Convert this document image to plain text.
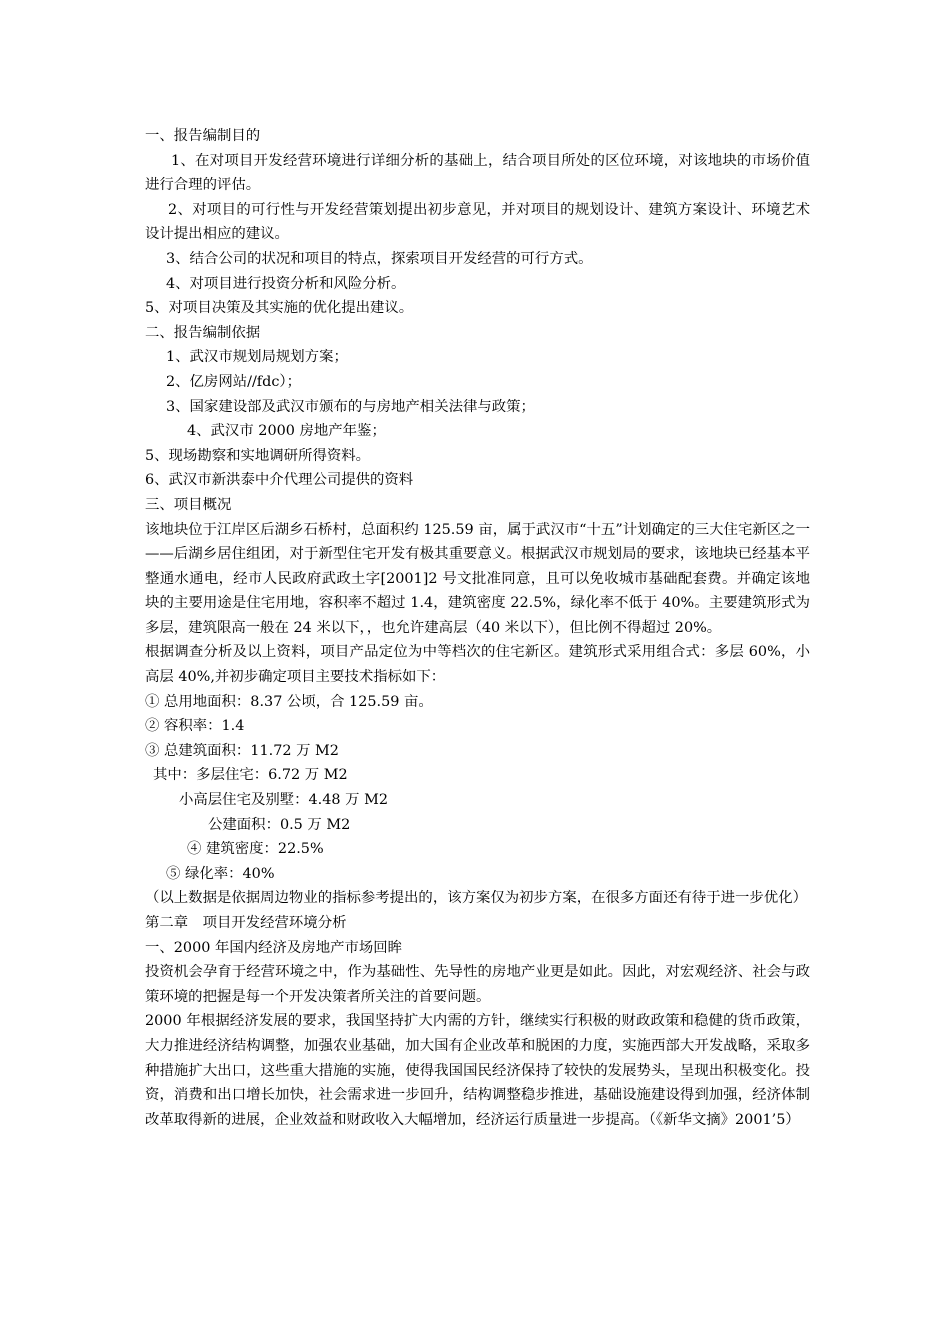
一、报告编制目的

1、在对项目开发经营环境进行详细分析的基础上，结合项目所处的区位环境，对该地块的市场价值进行合理的评估。

2、对项目的可行性与开发经营策划提出初步意见，并对项目的规划设计、建筑方案设计、环境艺术设计提出相应的建议。

3、结合公司的状况和项目的特点，探索项目开发经营的可行方式。
4、对项目进行投资分析和风险分析。
5、对项目决策及其实施的优化提出建议。
二、报告编制依据
1、武汉市规划局规划方案；
2、亿房网站//fdc）；
3、国家建设部及武汉市颁布的与房地产相关法律与政策；
4、武汉市 2000 房地产年鉴；
5、现场勘察和实地调研所得资料。
6、武汉市新洪泰中介代理公司提供的资料
三、项目概况

该地块位于江岸区后湖乡石桥村，总面积约 125.59 亩，属于武汉市“十五”计划确定的三大住宅新区之一——后湖乡居住组团，对于新型住宅开发有极其重要意义。根据武汉市规划局的要求，该地块已经基本平整通水通电，经市人民政府武政土字[2001]2 号文批准同意，且可以免收城市基础配套费。并确定该地块的主要用途是住宅用地，容积率不超过 1.4，建筑密度 22.5%，绿化率不低于 40%。主要建筑形式为多层，建筑限高一般在 24 米以下，，也允许建高层（40 米以下），但比例不得超过 20%。

根据调查分析及以上资料，项目产品定位为中等档次的住宅新区。建筑形式采用组合式：多层 60%，小高层 40%,并初步确定项目主要技术指标如下：

① 总用地面积：8.37 公顷，合 125.59 亩。
② 容积率：1.4
③ 总建筑面积：11.72 万 M2
其中：多层住宅：6.72 万 M2
小高层住宅及别墅：4.48 万 M2
公建面积：0.5 万 M2
④ 建筑密度：22.5%
⑤ 绿化率：40%

（以上数据是依据周边物业的指标参考提出的，该方案仅为初步方案，在很多方面还有待于进一步优化）

第二章　项目开发经营环境分析
一、2000 年国内经济及房地产市场回眸

投资机会孕育于经营环境之中，作为基础性、先导性的房地产业更是如此。因此，对宏观经济、社会与政策环境的把握是每一个开发决策者所关注的首要问题。

2000 年根据经济发展的要求，我国坚持扩大内需的方针，继续实行积极的财政政策和稳健的货币政策，大力推进经济结构调整，加强农业基础，加大国有企业改革和脱困的力度，实施西部大开发战略，采取多种措施扩大出口，这些重大措施的实施，使得我国国民经济保持了较快的发展势头，呈现出积极变化。投资，消费和出口增长加快，社会需求进一步回升，结构调整稳步推进，基础设施建设得到加强，经济体制改革取得新的进展，企业效益和财政收入大幅增加，经济运行质量进一步提高。（《新华文摘》2001’5）
